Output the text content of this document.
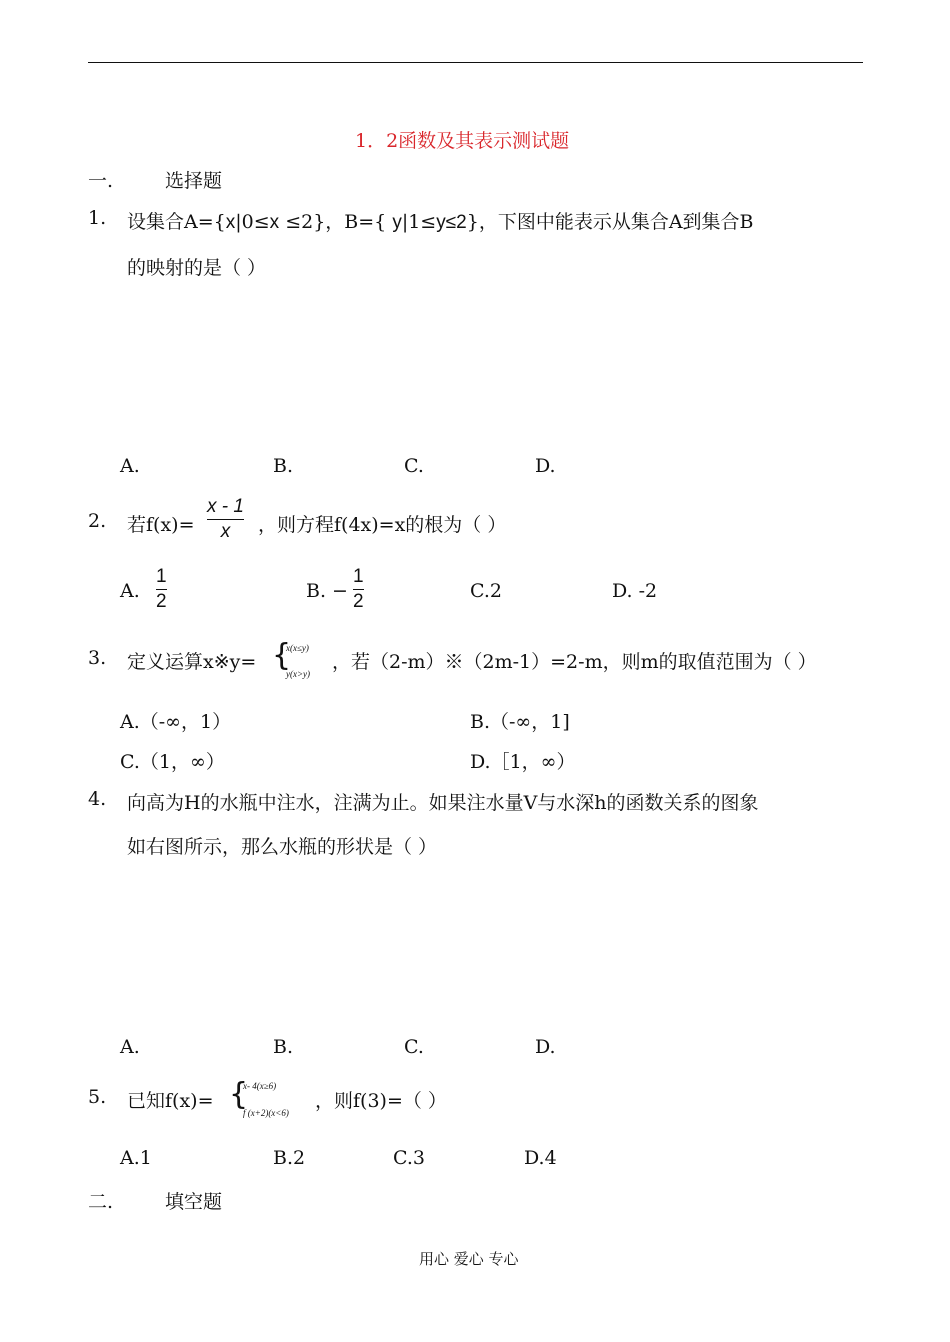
1．2函数及其表示测试题
一.	选择题
1. 设集合A={x|0≤x ≤2}，B={ y|1≤y≤2}，下图中能表示从集合A到集合B
的映射的是（ ）
A.	B.	C.	D.
2. 若f(x)=
x - 1
x ，则方程f(4x)=x的根为（ ）
A.
1
2	B. −
1
2	C.2	D. -2
3. 定义运算x※y= {
x(x≤y)
y(x>y)
，若（2-m）※（2m-1）=2-m，则m的取值范围为（ ）
A.（-∞，1）	B.（-∞，1]
C.（1，∞）	D.［1，∞）
4. 向高为H的水瓶中注水，注满为止。如果注水量V与水深h的函数关系的图象
如右图所示，那么水瓶的形状是（ ）
A.	B.	C.	D.
5. 已知f(x)= {
x- 4(x≥6)
f (x+2)(x<6)
，则f(3)=（ ）
A.1	B.2	C.3	D.4
二.	填空题
用心 爱心 专心
